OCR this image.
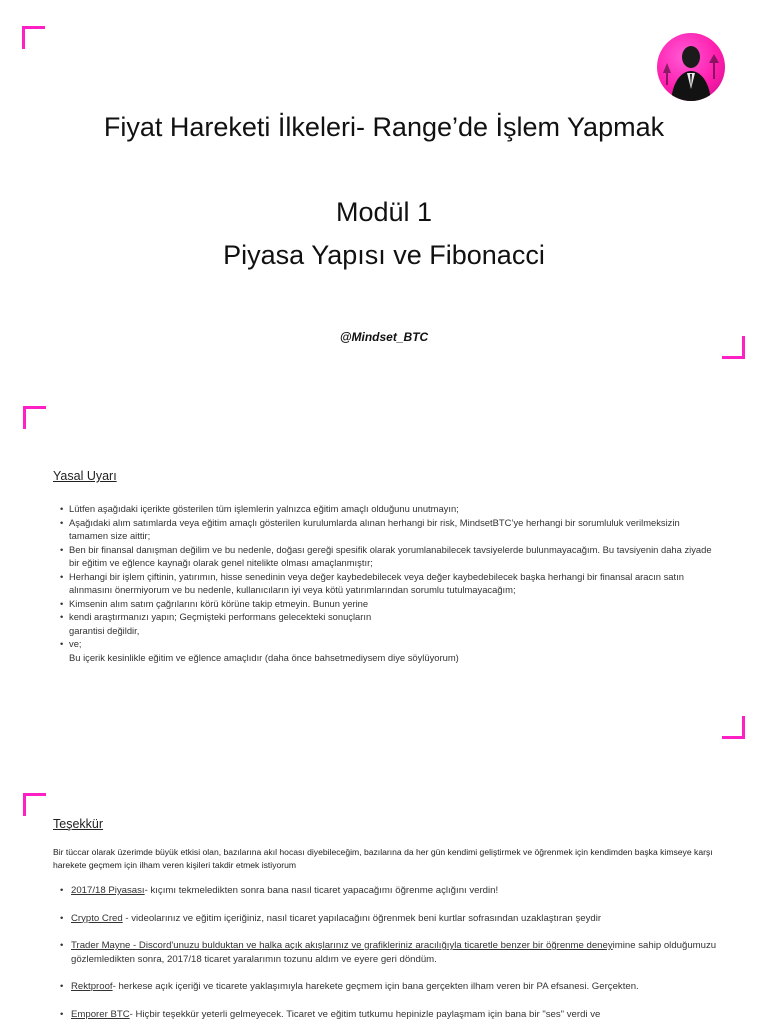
Fiyat Hareketi İlkeleri- Range’de İşlem Yapmak
Modül 1
Piyasa Yapısı ve Fibonacci
@Mindset_BTC
Yasal Uyarı
• Lütfen aşağıdaki içerikte gösterilen tüm işlemlerin yalnızca eğitim amaçlı olduğunu unutmayın;
• Aşağıdaki alım satımlarda veya eğitim amaçlı gösterilen kurulumlarda alınan herhangi bir risk, MindsetBTC’ye herhangi bir sorumluluk verilmeksizin tamamen size aittir;
• Ben bir finansal danışman değilim ve bu nedenle, doğası gereği spesifik olarak yorumlanabilecek tavsiyelerde bulunmayacağım. Bu tavsiyenin daha ziyade bir eğitim ve eğlence kaynağı olarak genel nitelikte olması amaçlanmıştır;
• Herhangi bir işlem çiftinin, yatırımın, hisse senedinin veya değer kaybedebilecek veya değer kaybedebilecek başka herhangi bir finansal aracın satın alınmasını önermiyorum ve bu nedenle, kullanıcıların iyi veya kötü yatırımlarından sorumlu tutulmayacağım;
• Kimsenin alım satım çağrılarını körü körüne takip etmeyin. Bunun yerine
• kendi araştırmanızı yapın; Geçmişteki performans gelecekteki sonuçların
garantisi değildir,
• ve;
Bu içerik kesinlikle eğitim ve eğlence amaçlıdır (daha önce bahsetmediysem diye söylüyorum)
Teşekkür
Bir tüccar olarak üzerimde büyük etkisi olan, bazılarına akıl hocası diyebileceğim, bazılarına da her gün kendimi geliştirmek ve öğrenmek için kendimden başka kimseye karşı harekete geçmem için ilham veren kişileri takdir etmek istiyorum
• 2017/18 Piyasası- kıçımı tekmeledikten sonra bana nasıl ticaret yapacağımı öğrenme açlığını verdin!
• Crypto Cred - videolarınız ve eğitim içeriğiniz, nasıl ticaret yapılacağını öğrenmek beni kurtlar sofrasından uzaklaştıran şeydir
• Trader Mayne - Discord'unuzu bulduktan ve halka açık akışlarınız ve grafikleriniz aracılığıyla ticaretle benzer bir öğrenme deneyimine sahip olduğumuzu gözlemledikten sonra, 2017/18 ticaret yaralarımın tozunu aldım ve eyere geri döndüm.
• Rektproof- herkese açık içeriği ve ticarete yaklaşımıyla harekete geçmem için bana gerçekten ilham veren bir PA efsanesi. Gerçekten.
• Emporer BTC- Hiçbir teşekkür yeterli gelmeyecek. Ticaret ve eğitim tutkumu hepinizle paylaşmam için bana bir "ses" verdi ve
